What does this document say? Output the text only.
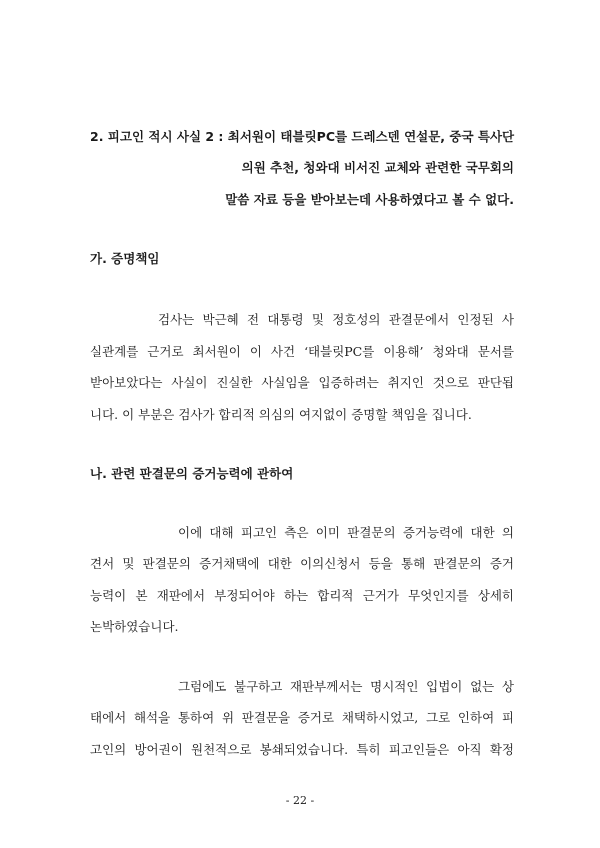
2. 피고인 적시 사실 2 : 최서원이 태블릿PC를 드레스덴 연설문, 중국 특사단
의원 추천, 청와대 비서진 교체와 관련한 국무회의
말씀 자료 등을 받아보는데 사용하였다고 볼 수 없다.
가. 증명책임
검사는 박근혜 전 대통령 및 정호성의 관결문에서 인정된 사
실관계를 근거로 최서원이 이 사건 ‘태블릿PC를 이용해’ 청와대 문서를
받아보았다는 사실이 진실한 사실임을 입증하려는 취지인 것으로 판단됩
니다. 이 부분은 검사가 합리적 의심의 여지없이 증명할 책임을 집니다.
나. 관련 판결문의 증거능력에 관하여
이에 대해 피고인 측은 이미 판결문의 증거능력에 대한 의
견서 및 판결문의 증거채택에 대한 이의신청서 등을 통해 판결문의 증거
능력이 본 재판에서 부정되어야 하는 합리적 근거가 무엇인지를 상세히
논박하였습니다.
그럼에도 불구하고 재판부께서는 명시적인 입법이 없는 상
태에서 해석을 통하여 위 판결문을 증거로 채택하시었고, 그로 인하여 피
고인의 방어권이 원천적으로 봉쇄되었습니다. 특히 피고인들은 아직 확정
- 22 -
